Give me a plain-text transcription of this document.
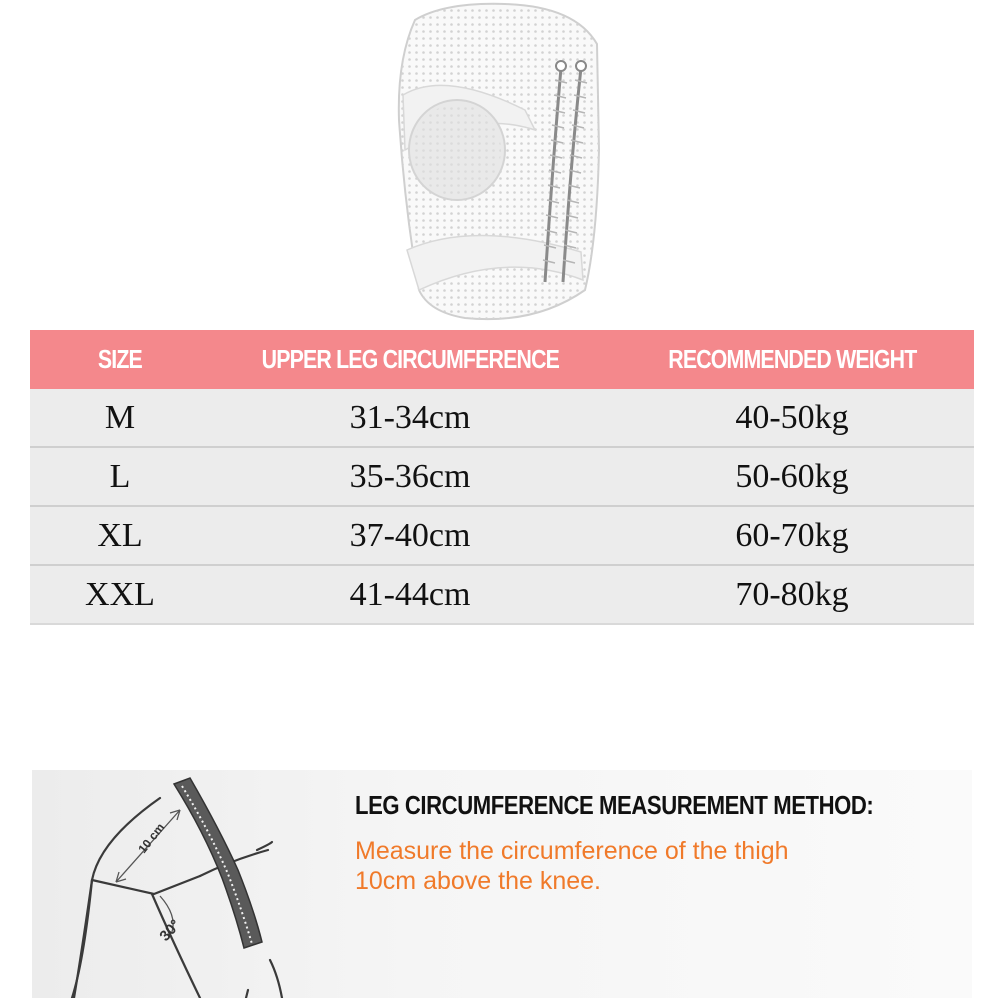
SIZE	UPPER LEG CIRCUMFERENCE	RECOMMENDED WEIGHT
M	31-34cm	40-50kg
L	35-36cm	50-60kg
XL	37-40cm	60-70kg
XXL	41-44cm	70-80kg
10 cm
30°
LEG CIRCUMFERENCE MEASUREMENT METHOD:

Measure the circumference of the thigh
10cm above the knee.
